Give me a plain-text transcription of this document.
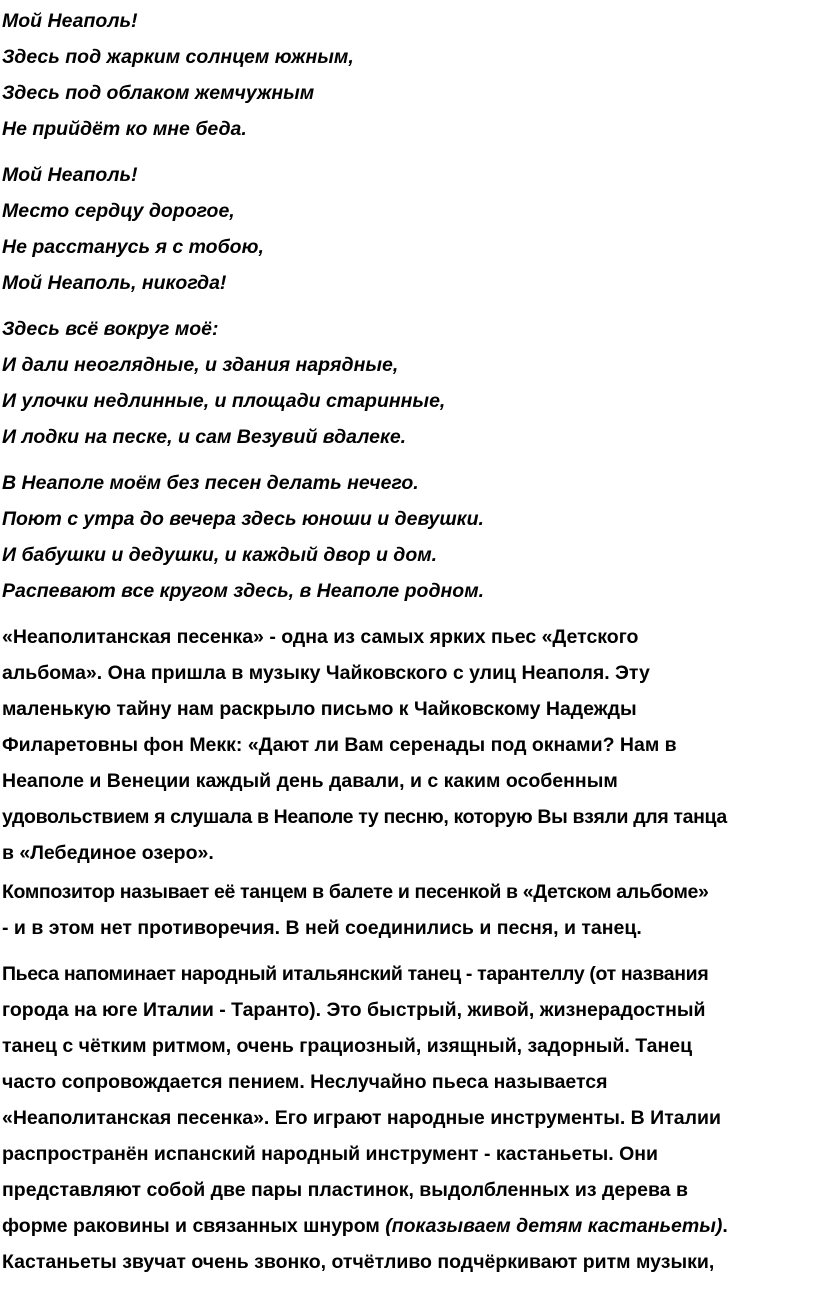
Мой Неаполь!
Здесь под жарким солнцем южным,
Здесь под облаком жемчужным
Не прийдёт ко мне беда.
Мой Неаполь!
Место сердцу дорогое,
Не расстанусь я с тобою,
Мой Неаполь, никогда!
Здесь всё вокруг моё:
И дали неоглядные, и здания нарядные,
И улочки недлинные, и площади старинные,
И лодки на песке, и сам Везувий вдалеке.
В Неаполе моём без песен делать нечего.
Поют с утра до вечера здесь юноши и девушки.
И бабушки и дедушки, и каждый двор и дом.
Распевают все кругом здесь, в Неаполе родном.
«Неаполитанская песенка» - одна из самых ярких пьес «Детского
альбома». Она пришла в музыку Чайковского с улиц Неаполя. Эту
маленькую тайну нам раскрыло письмо к Чайковскому Надежды
Филаретовны фон Мекк: «Дают ли Вам серенады под окнами? Нам в
Неаполе и Венеции каждый день давали, и с каким особенным
удовольствием я слушала в Неаполе ту песню, которую Вы взяли для танца
в «Лебединое озеро».
Композитор называет её танцем в балете и песенкой в «Детском альбоме»
- и в этом нет противоречия. В ней соединились и песня, и танец.
Пьеса напоминает народный итальянский танец - тарантеллу (от названия
города на юге Италии - Таранто). Это быстрый, живой, жизнерадостный
танец с чётким ритмом, очень грациозный, изящный, задорный. Танец
часто сопровождается пением. Неслучайно пьеса называется
«Неаполитанская песенка». Его играют народные инструменты. В Италии
распространён испанский народный инструмент - кастаньеты. Они
представляют собой две пары пластинок, выдолбленных из дерева в
форме раковины и связанных шнуром (показываем детям кастаньеты).
Кастаньеты звучат очень звонко, отчётливо подчёркивают ритм музыки,
